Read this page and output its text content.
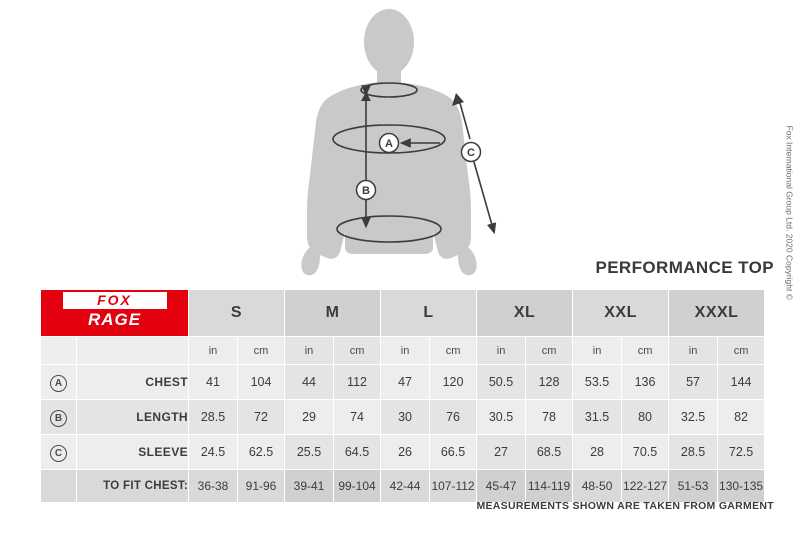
A
B
C
PERFORMANCE TOP
FOX
RAGE		S		M		L		XL		XXL		XXXL	
		in	cm	in	cm	in	cm	in	cm	in	cm	in	cm
A	CHEST	41	104	44	112	47	120	50.5	128	53.5	136	57	144
B	LENGTH	28.5	72	29	74	30	76	30.5	78	31.5	80	32.5	82
C	SLEEVE	24.5	62.5	25.5	64.5	26	66.5	27	68.5	28	70.5	28.5	72.5
	TO FIT CHEST:	36-38	91-96	39-41	99-104	42-44	107-112	45-47	114-119	48-50	122-127	51-53	130-135
MEASUREMENTS SHOWN ARE TAKEN FROM GARMENT
Fox International Group Ltd. 2020 Copyright ©
